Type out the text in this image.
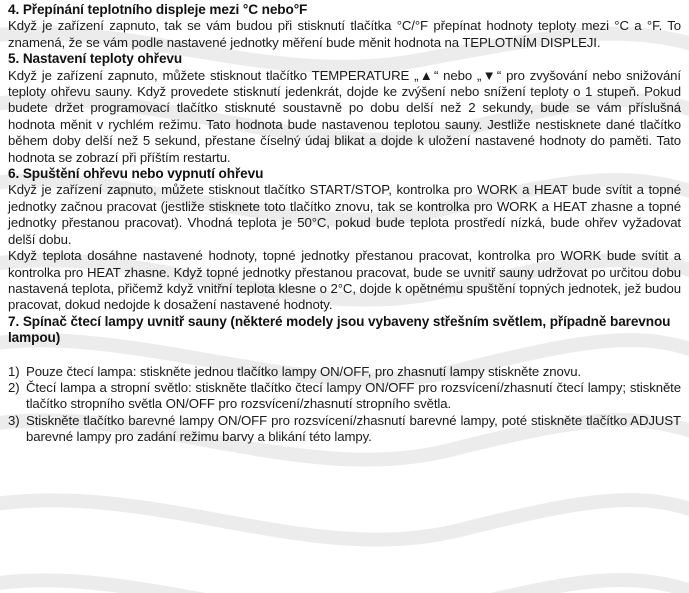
4. Přepínání teplotního displeje mezi °C nebo°F

Když je zařízení zapnuto, tak se vám budou při stisknutí tlačítka °C/°F přepínat hodnoty teploty mezi °C a °F. To znamená, že se vám podle nastavené jednotky měření bude měnit hodnota na TEPLOTNÍM DISPLEJI.

5. Nastavení teploty ohřevu

Když je zařízení zapnuto, můžete stisknout tlačítko TEMPERATURE „▲“ nebo „▼“ pro zvyšování nebo snižování teploty ohřevu sauny. Když provedete stisknutí jedenkrát, dojde ke zvýšení nebo snížení teploty o 1 stupeň. Pokud budete držet programovací tlačítko stisknuté soustavně po dobu delší než 2 sekundy, bude se vám příslušná hodnota měnit v rychlém režimu. Tato hodnota bude nastavenou teplotou sauny. Jestliže nestisknete dané tlačítko během doby delší než 5 sekund, přestane číselný údaj blikat a dojde k uložení nastavené hodnoty do paměti. Tato hodnota se zobrazí při příštím restartu.

6. Spuštění ohřevu nebo vypnutí ohřevu

Když je zařízení zapnuto, můžete stisknout tlačítko START/STOP, kontrolka pro WORK a HEAT bude svítit a topné jednotky začnou pracovat (jestliže stisknete toto tlačítko znovu, tak se kontrolka pro WORK a HEAT zhasne a topné jednotky přestanou pracovat). Vhodná teplota je 50°C, pokud bude teplota prostředí nízká, bude ohřev vyžadovat delší dobu.

Když teplota dosáhne nastavené hodnoty, topné jednotky přestanou pracovat, kontrolka pro WORK bude svítit a kontrolka pro HEAT zhasne. Když topné jednotky přestanou pracovat, bude se uvnitř sauny udržovat po určitou dobu nastavená teplota, přičemž když vnitřní teplota klesne o 2°C, dojde k opětnému spuštění topných jednotek, jež budou pracovat, dokud nedojde k dosažení nastavené hodnoty.

7. Spínač čtecí lampy uvnitř sauny (některé modely jsou vybaveny střešním světlem, případně barevnou lampou)
1) Pouze čtecí lampa: stiskněte jednou tlačítko lampy ON/OFF, pro zhasnutí lampy stiskněte znovu.
2) Čtecí lampa a stropní světlo: stiskněte tlačítko čtecí lampy ON/OFF pro rozsvícení/zhasnutí čtecí lampy; stiskněte tlačítko stropního světla ON/OFF pro rozsvícení/zhasnutí stropního světla.
3) Stiskněte tlačítko barevné lampy ON/OFF pro rozsvícení/zhasnutí barevné lampy, poté stiskněte tlačítko ADJUST barevné lampy pro zadání režimu barvy a blikání této lampy.
